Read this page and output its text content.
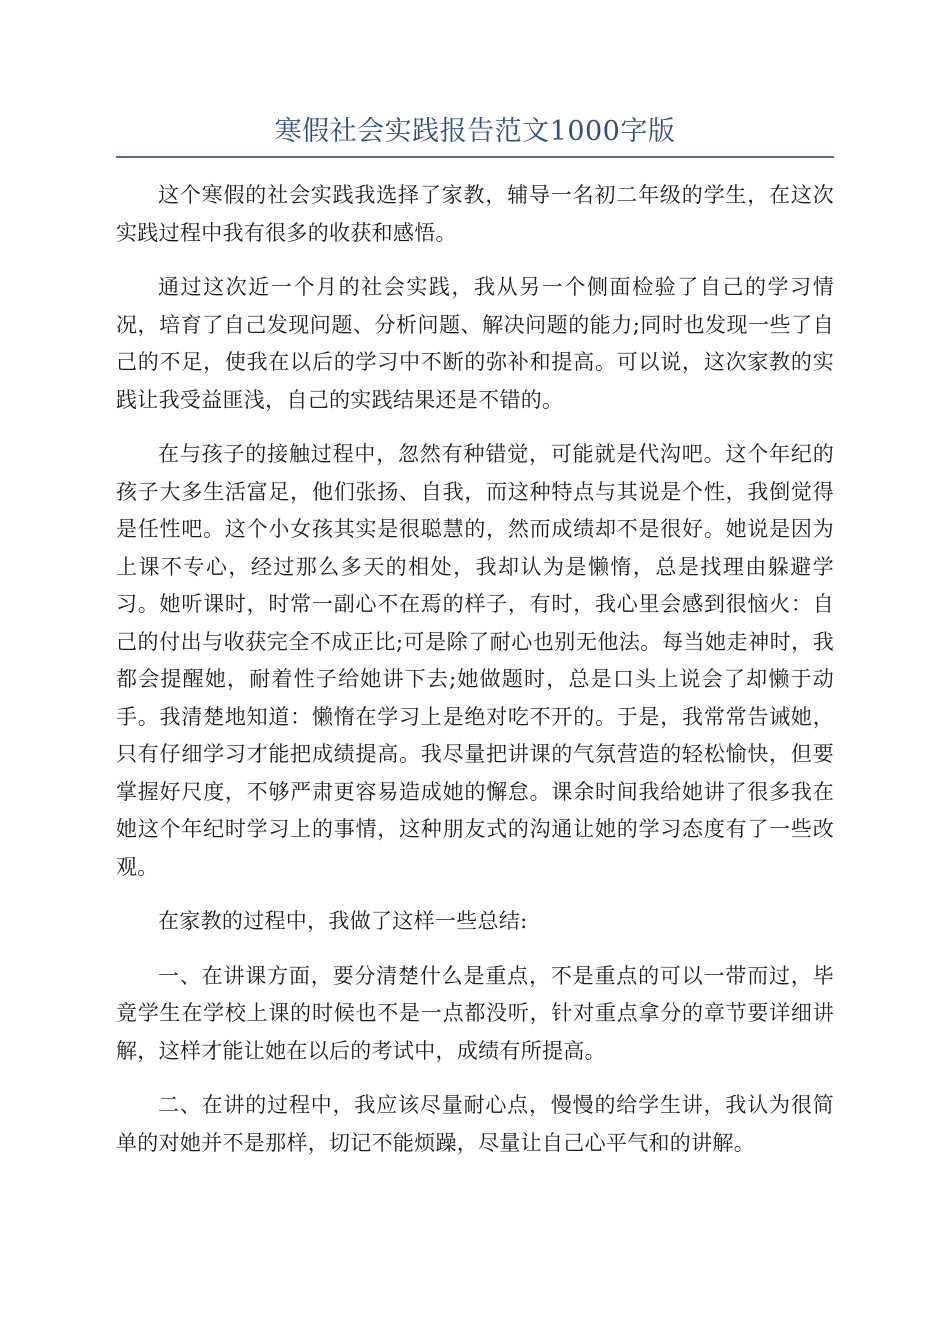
寒假社会实践报告范文1000字版

这个寒假的社会实践我选择了家教，辅导一名初二年级的学生，在这次实践过程中我有很多的收获和感悟。

通过这次近一个月的社会实践，我从另一个侧面检验了自己的学习情况，培育了自己发现问题、分析问题、解决问题的能力;同时也发现一些了自己的不足，使我在以后的学习中不断的弥补和提高。可以说，这次家教的实践让我受益匪浅，自己的实践结果还是不错的。

在与孩子的接触过程中，忽然有种错觉，可能就是代沟吧。这个年纪的孩子大多生活富足，他们张扬、自我，而这种特点与其说是个性，我倒觉得是任性吧。这个小女孩其实是很聪慧的，然而成绩却不是很好。她说是因为上课不专心，经过那么多天的相处，我却认为是懒惰，总是找理由躲避学习。她听课时，时常一副心不在焉的样子，有时，我心里会感到很恼火：自己的付出与收获完全不成正比;可是除了耐心也别无他法。每当她走神时，我都会提醒她，耐着性子给她讲下去;她做题时，总是口头上说会了却懒于动手。我清楚地知道：懒惰在学习上是绝对吃不开的。于是，我常常告诫她，只有仔细学习才能把成绩提高。我尽量把讲课的气氛营造的轻松愉快，但要掌握好尺度，不够严肃更容易造成她的懈怠。课余时间我给她讲了很多我在她这个年纪时学习上的事情，这种朋友式的沟通让她的学习态度有了一些改观。

在家教的过程中，我做了这样一些总结:

一、在讲课方面，要分清楚什么是重点，不是重点的可以一带而过，毕竟学生在学校上课的时候也不是一点都没听，针对重点拿分的章节要详细讲解，这样才能让她在以后的考试中，成绩有所提高。

二、在讲的过程中，我应该尽量耐心点，慢慢的给学生讲，我认为很简单的对她并不是那样，切记不能烦躁，尽量让自己心平气和的讲解。
